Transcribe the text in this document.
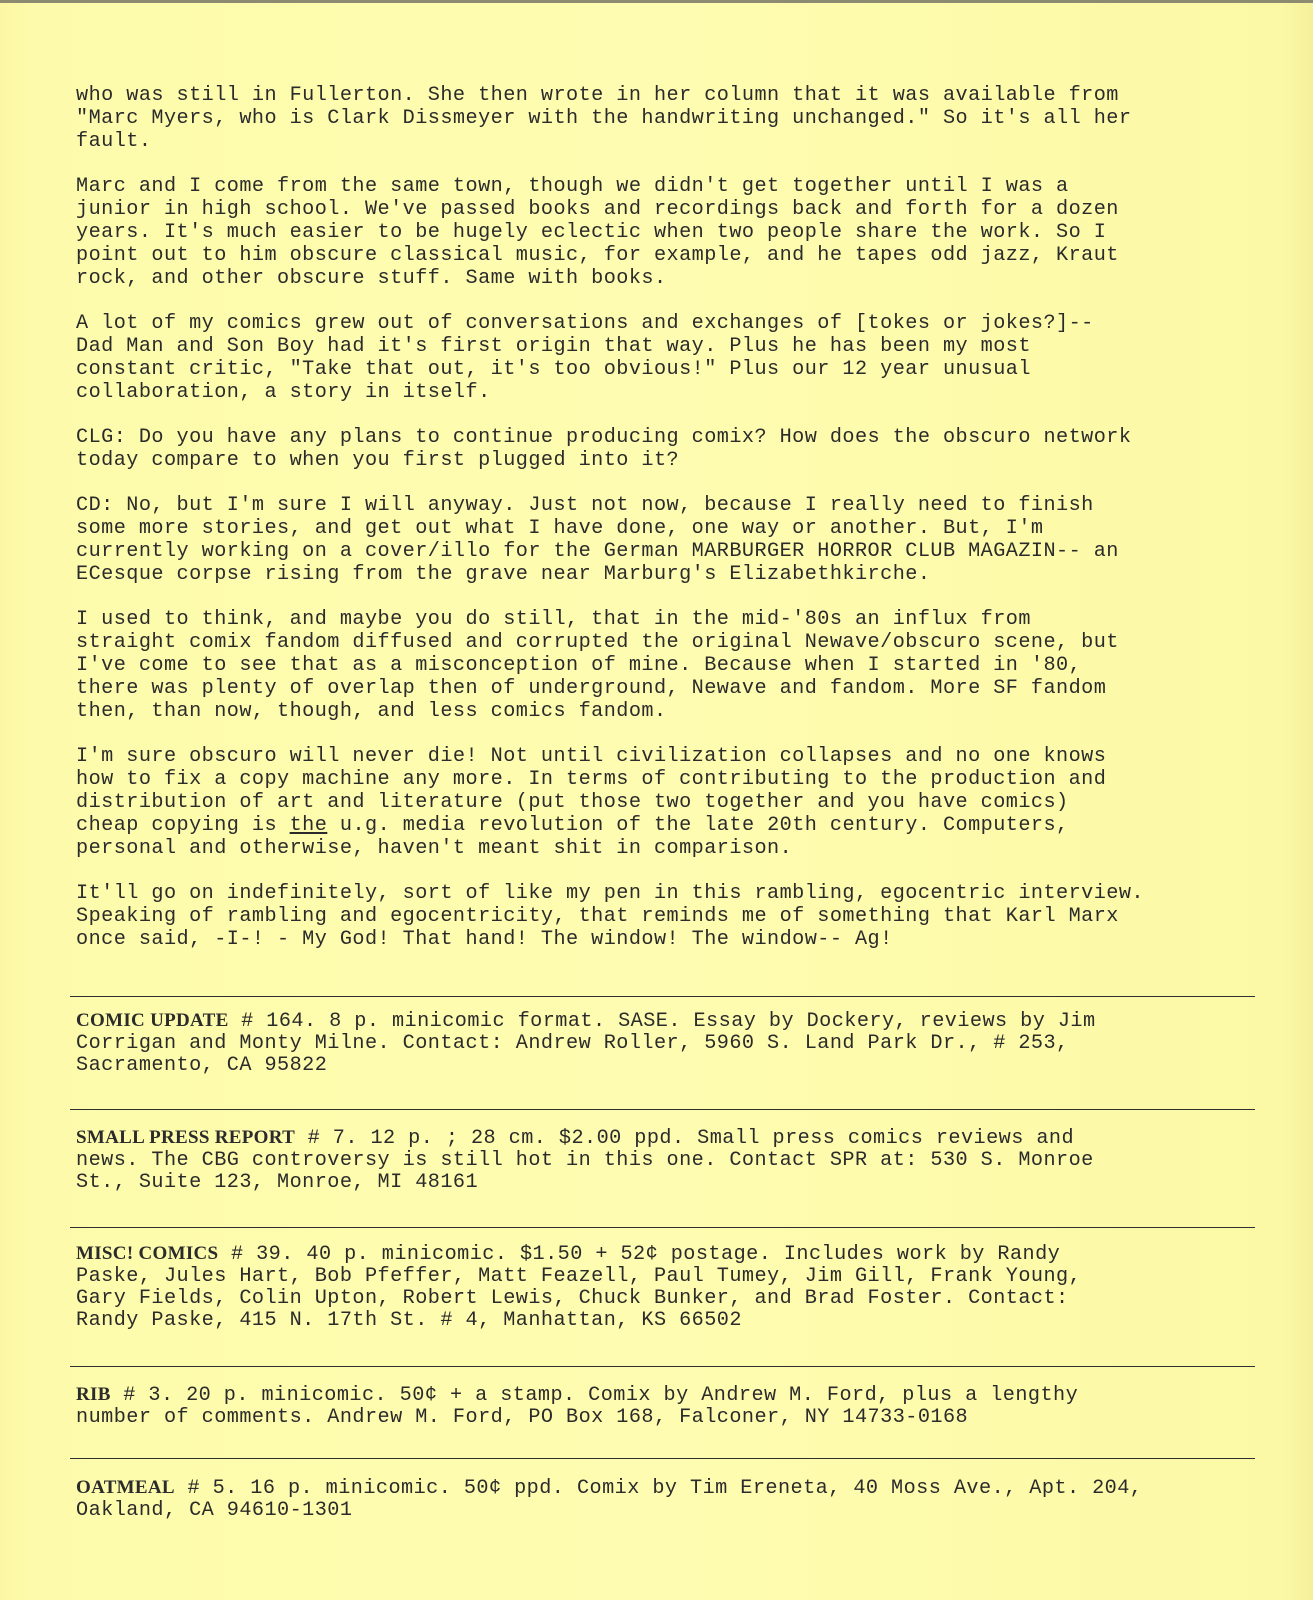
who was still in Fullerton. She then wrote in her column that it was available from
"Marc Myers, who is Clark Dissmeyer with the handwriting unchanged." So it's all her
fault.
Marc and I come from the same town, though we didn't get together until I was a
junior in high school. We've passed books and recordings back and forth for a dozen
years. It's much easier to be hugely eclectic when two people share the work. So I
point out to him obscure classical music, for example, and he tapes odd jazz, Kraut
rock, and other obscure stuff. Same with books.
A lot of my comics grew out of conversations and exchanges of [tokes or jokes?]--
Dad Man and Son Boy had it's first origin that way. Plus he has been my most
constant critic, "Take that out, it's too obvious!" Plus our 12 year unusual
collaboration, a story in itself.
CLG: Do you have any plans to continue producing comix? How does the obscuro network
today compare to when you first plugged into it?
CD: No, but I'm sure I will anyway. Just not now, because I really need to finish
some more stories, and get out what I have done, one way or another. But, I'm
currently working on a cover/illo for the German MARBURGER HORROR CLUB MAGAZIN-- an
ECesque corpse rising from the grave near Marburg's Elizabethkirche.
I used to think, and maybe you do still, that in the mid-'80s an influx from
straight comix fandom diffused and corrupted the original Newave/obscuro scene, but
I've come to see that as a misconception of mine. Because when I started in '80,
there was plenty of overlap then of underground, Newave and fandom. More SF fandom
then, than now, though, and less comics fandom.
I'm sure obscuro will never die! Not until civilization collapses and no one knows
how to fix a copy machine any more. In terms of contributing to the production and
distribution of art and literature (put those two together and you have comics)
cheap copying is the u.g. media revolution of the late 20th century. Computers,
personal and otherwise, haven't meant shit in comparison.
It'll go on indefinitely, sort of like my pen in this rambling, egocentric interview.
Speaking of rambling and egocentricity, that reminds me of something that Karl Marx
once said, -I-! - My God! That hand! The window! The window-- Ag!
COMIC UPDATE # 164. 8 p. minicomic format. SASE. Essay by Dockery, reviews by Jim
Corrigan and Monty Milne. Contact: Andrew Roller, 5960 S. Land Park Dr., # 253,
Sacramento, CA 95822
SMALL PRESS REPORT # 7. 12 p. ; 28 cm. $2.00 ppd. Small press comics reviews and
news. The CBG controversy is still hot in this one. Contact SPR at: 530 S. Monroe
St., Suite 123, Monroe, MI 48161
MISC! COMICS # 39. 40 p. minicomic. $1.50 + 52¢ postage. Includes work by Randy
Paske, Jules Hart, Bob Pfeffer, Matt Feazell, Paul Tumey, Jim Gill, Frank Young,
Gary Fields, Colin Upton, Robert Lewis, Chuck Bunker, and Brad Foster. Contact:
Randy Paske, 415 N. 17th St. # 4, Manhattan, KS 66502
RIB # 3. 20 p. minicomic. 50¢ + a stamp. Comix by Andrew M. Ford, plus a lengthy
number of comments. Andrew M. Ford, PO Box 168, Falconer, NY 14733-0168
OATMEAL # 5. 16 p. minicomic. 50¢ ppd. Comix by Tim Ereneta, 40 Moss Ave., Apt. 204,
Oakland, CA 94610-1301
